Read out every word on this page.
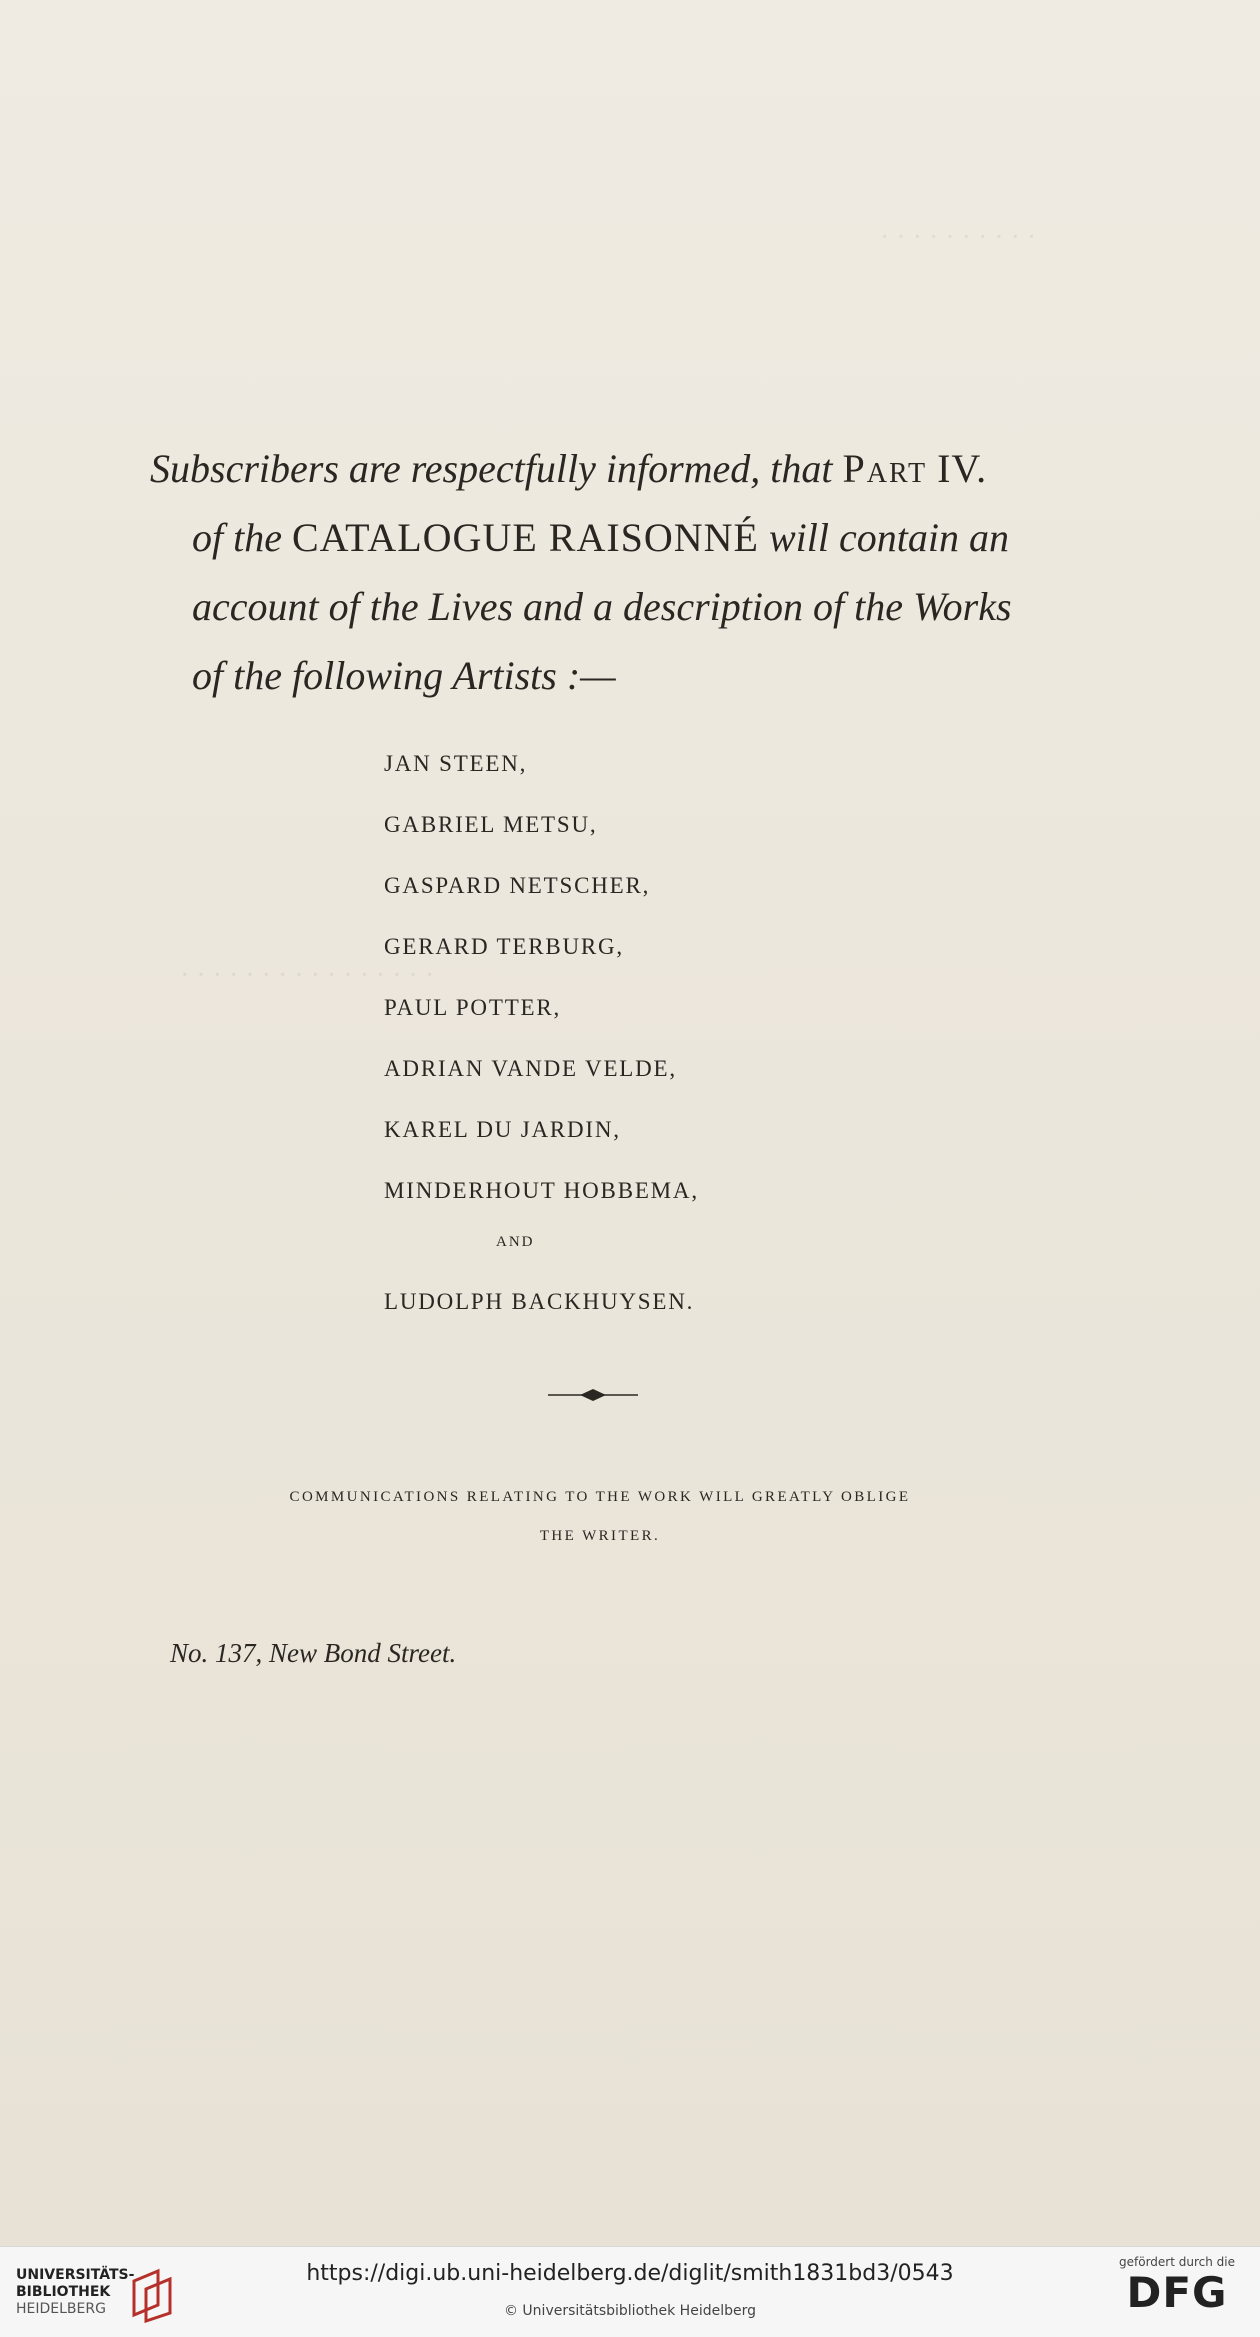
· · · · · · · · · ·
· · · · · · · · · · · · · · · ·
Subscribers are respectfully informed, that Part IV.
of the CATALOGUE RAISONNÉ will contain an
account of the Lives and a description of the Works
of the following Artists :—
JAN STEEN,
GABRIEL METSU,
GASPARD NETSCHER,
GERARD TERBURG,
PAUL POTTER,
ADRIAN VANDE VELDE,
KAREL DU JARDIN,
MINDERHOUT HOBBEMA,
AND
LUDOLPH BACKHUYSEN.
COMMUNICATIONS RELATING TO THE WORK WILL GREATLY OBLIGE
THE WRITER.
No. 137, New Bond Street.
UNIVERSITÄTS-
BIBLIOTHEK
HEIDELBERG
https://digi.ub.uni-heidelberg.de/diglit/smith1831bd3/0543
© Universitätsbibliothek Heidelberg
gefördert durch die
DFG
